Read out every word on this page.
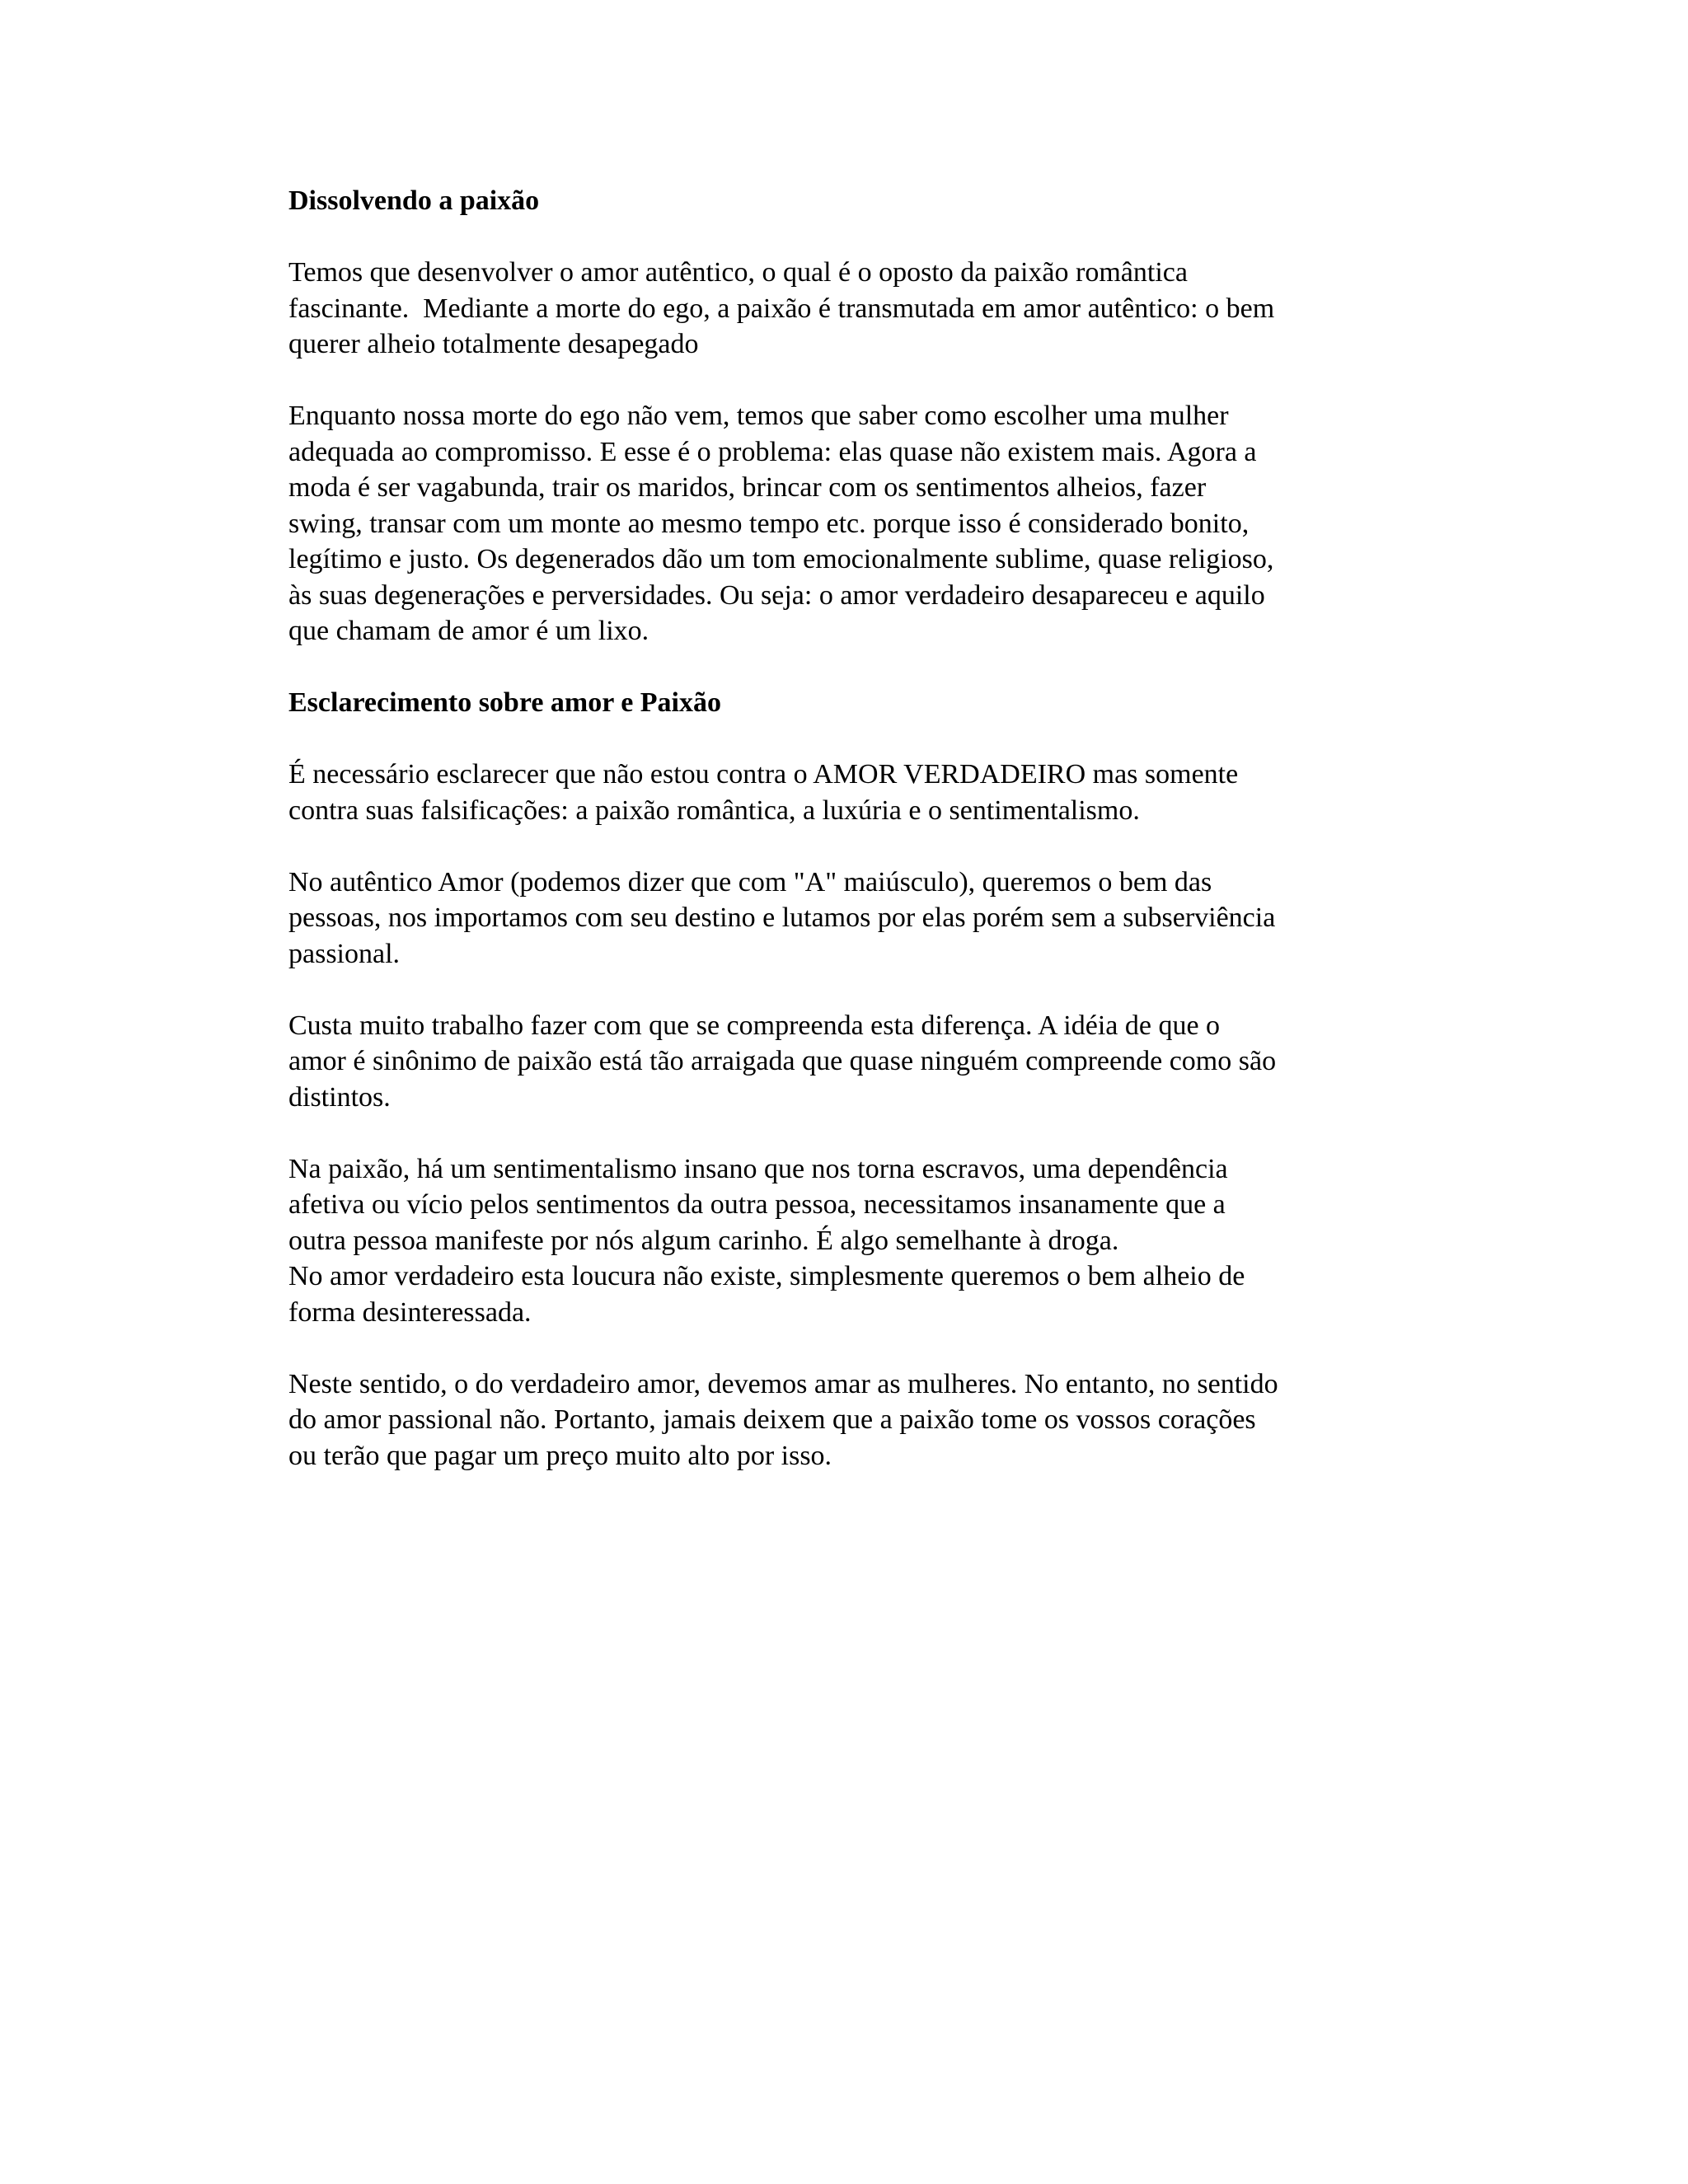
Dissolvendo a paixão
Temos que desenvolver o amor autêntico, o qual é o oposto da paixão romântica
fascinante.  Mediante a morte do ego, a paixão é transmutada em amor autêntico: o bem
querer alheio totalmente desapegado
Enquanto nossa morte do ego não vem, temos que saber como escolher uma mulher
adequada ao compromisso. E esse é o problema: elas quase não existem mais. Agora a
moda é ser vagabunda, trair os maridos, brincar com os sentimentos alheios, fazer
swing, transar com um monte ao mesmo tempo etc. porque isso é considerado bonito,
legítimo e justo. Os degenerados dão um tom emocionalmente sublime, quase religioso,
às suas degenerações e perversidades. Ou seja: o amor verdadeiro desapareceu e aquilo
que chamam de amor é um lixo.
Esclarecimento sobre amor e Paixão
É necessário esclarecer que não estou contra o AMOR VERDADEIRO mas somente
contra suas falsificações: a paixão romântica, a luxúria e o sentimentalismo.
No autêntico Amor (podemos dizer que com "A" maiúsculo), queremos o bem das
pessoas, nos importamos com seu destino e lutamos por elas porém sem a subserviência
passional.
Custa muito trabalho fazer com que se compreenda esta diferença. A idéia de que o
amor é sinônimo de paixão está tão arraigada que quase ninguém compreende como são
distintos.
Na paixão, há um sentimentalismo insano que nos torna escravos, uma dependência
afetiva ou vício pelos sentimentos da outra pessoa, necessitamos insanamente que a
outra pessoa manifeste por nós algum carinho. É algo semelhante à droga.
No amor verdadeiro esta loucura não existe, simplesmente queremos o bem alheio de
forma desinteressada.
Neste sentido, o do verdadeiro amor, devemos amar as mulheres. No entanto, no sentido
do amor passional não. Portanto, jamais deixem que a paixão tome os vossos corações
ou terão que pagar um preço muito alto por isso.
